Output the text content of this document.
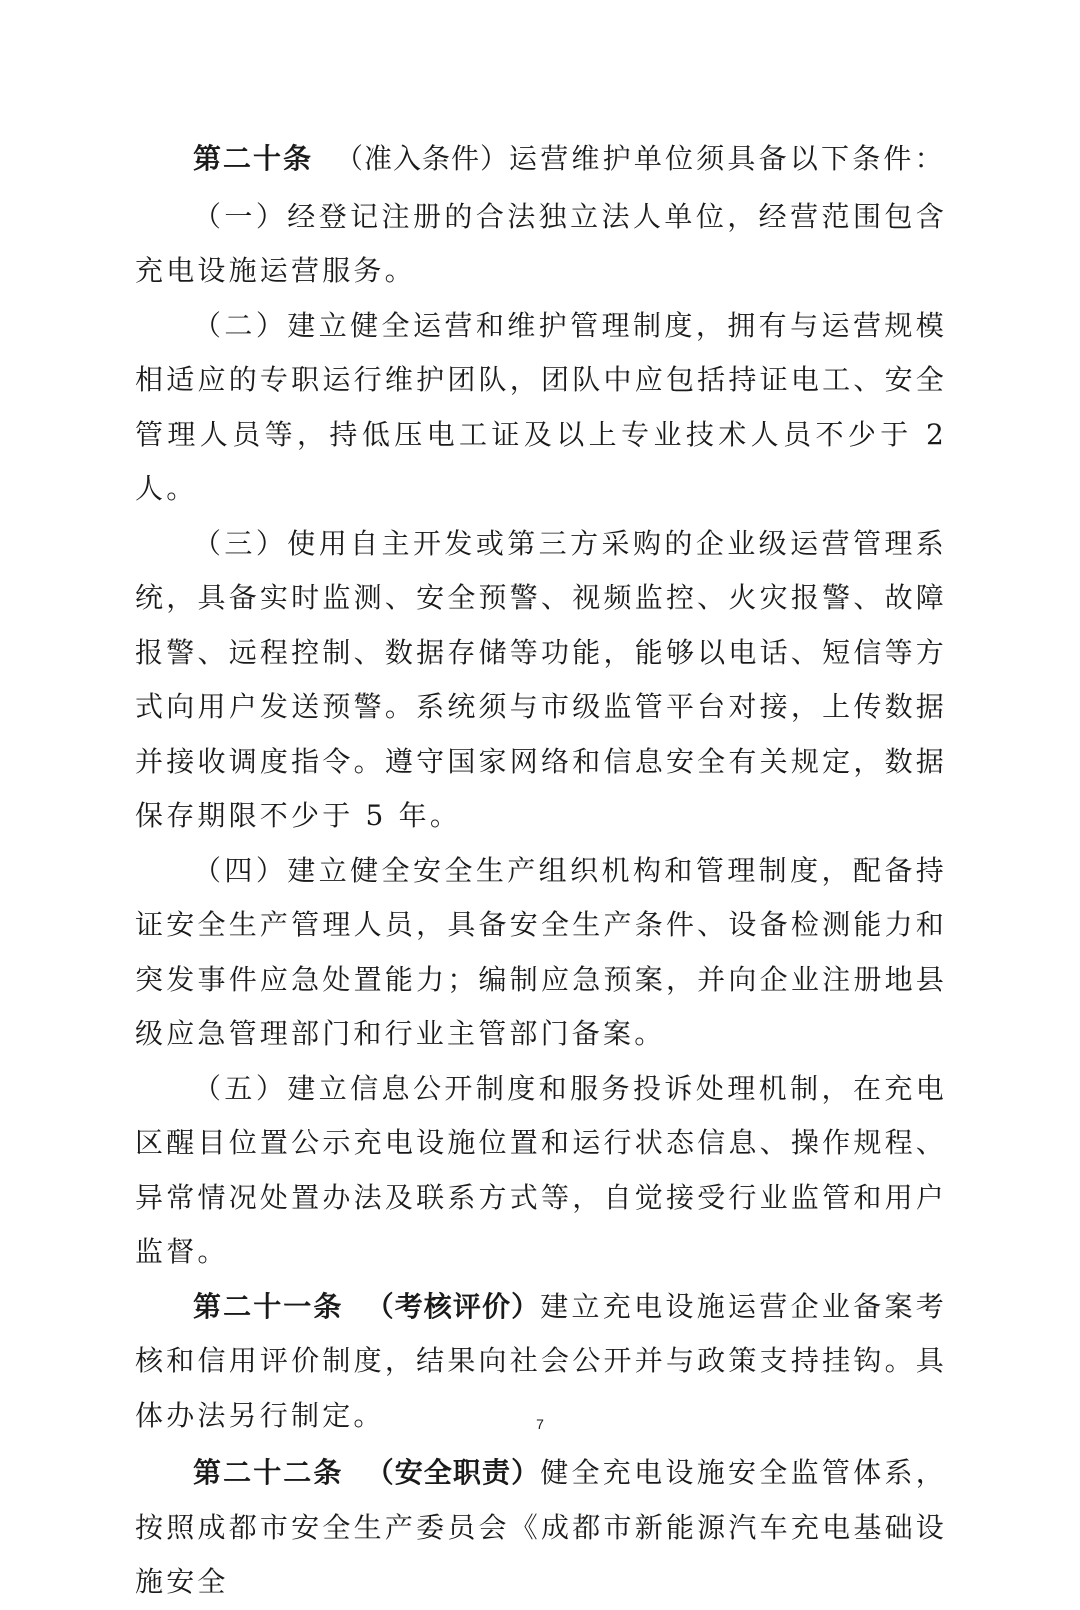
第二十条 （准入条件）运营维护单位须具备以下条件：

（一）经登记注册的合法独立法人单位，经营范围包含充电设施运营服务。

（二）建立健全运营和维护管理制度，拥有与运营规模相适应的专职运行维护团队，团队中应包括持证电工、安全管理人员等，持低压电工证及以上专业技术人员不少于 2 人。

（三）使用自主开发或第三方采购的企业级运营管理系统，具备实时监测、安全预警、视频监控、火灾报警、故障报警、远程控制、数据存储等功能，能够以电话、短信等方式向用户发送预警。系统须与市级监管平台对接，上传数据并接收调度指令。遵守国家网络和信息安全有关规定，数据保存期限不少于 5 年。

（四）建立健全安全生产组织机构和管理制度，配备持证安全生产管理人员，具备安全生产条件、设备检测能力和突发事件应急处置能力；编制应急预案，并向企业注册地县级应急管理部门和行业主管部门备案。

（五）建立信息公开制度和服务投诉处理机制，在充电区醒目位置公示充电设施位置和运行状态信息、操作规程、异常情况处置办法及联系方式等，自觉接受行业监管和用户监督。

第二十一条 （考核评价）建立充电设施运营企业备案考核和信用评价制度，结果向社会公开并与政策支持挂钩。具体办法另行制定。

第二十二条 （安全职责）健全充电设施安全监管体系，按照成都市安全生产委员会《成都市新能源汽车充电基础设施安全

7
